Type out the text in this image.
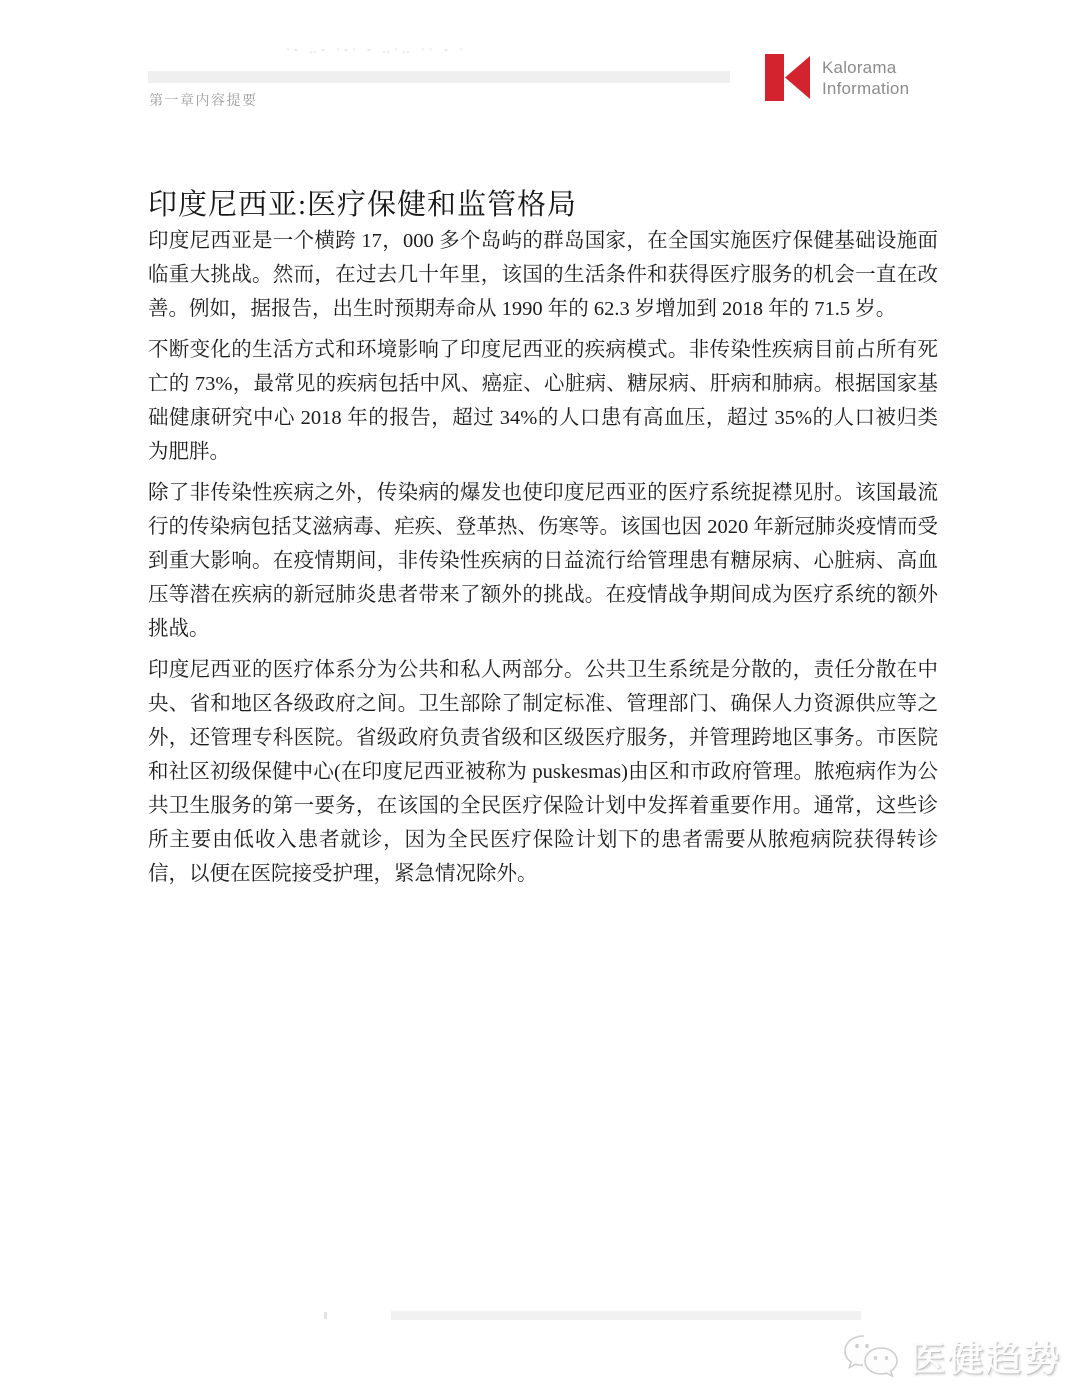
·‐ ‥‐ ·‐· ‐ ‥·‥ ·· ‐ ·
第一章内容提要
Kalorama
Information
印度尼西亚:医疗保健和监管格局

印度尼西亚是一个横跨 17，000 多个岛屿的群岛国家，在全国实施医疗保健基础设施面临重大挑战。然而，在过去几十年里，该国的生活条件和获得医疗服务的机会一直在改善。例如，据报告，出生时预期寿命从 1990 年的 62.3 岁增加到 2018 年的 71.5 岁。

不断变化的生活方式和环境影响了印度尼西亚的疾病模式。非传染性疾病目前占所有死亡的 73%，最常见的疾病包括中风、癌症、心脏病、糖尿病、肝病和肺病。根据国家基础健康研究中心 2018 年的报告，超过 34%的人口患有高血压，超过 35%的人口被归类为肥胖。

除了非传染性疾病之外，传染病的爆发也使印度尼西亚的医疗系统捉襟见肘。该国最流行的传染病包括艾滋病毒、疟疾、登革热、伤寒等。该国也因 2020 年新冠肺炎疫情而受到重大影响。在疫情期间，非传染性疾病的日益流行给管理患有糖尿病、心脏病、高血压等潜在疾病的新冠肺炎患者带来了额外的挑战。在疫情战争期间成为医疗系统的额外挑战。

印度尼西亚的医疗体系分为公共和私人两部分。公共卫生系统是分散的，责任分散在中央、省和地区各级政府之间。卫生部除了制定标准、管理部门、确保人力资源供应等之外，还管理专科医院。省级政府负责省级和区级医疗服务，并管理跨地区事务。市医院和社区初级保健中心(在印度尼西亚被称为 puskesmas)由区和市政府管理。脓疱病作为公共卫生服务的第一要务，在该国的全民医疗保险计划中发挥着重要作用。通常，这些诊所主要由低收入患者就诊，因为全民医疗保险计划下的患者需要从脓疱病院获得转诊信，以便在医院接受护理，紧急情况除外。

医健趋势
